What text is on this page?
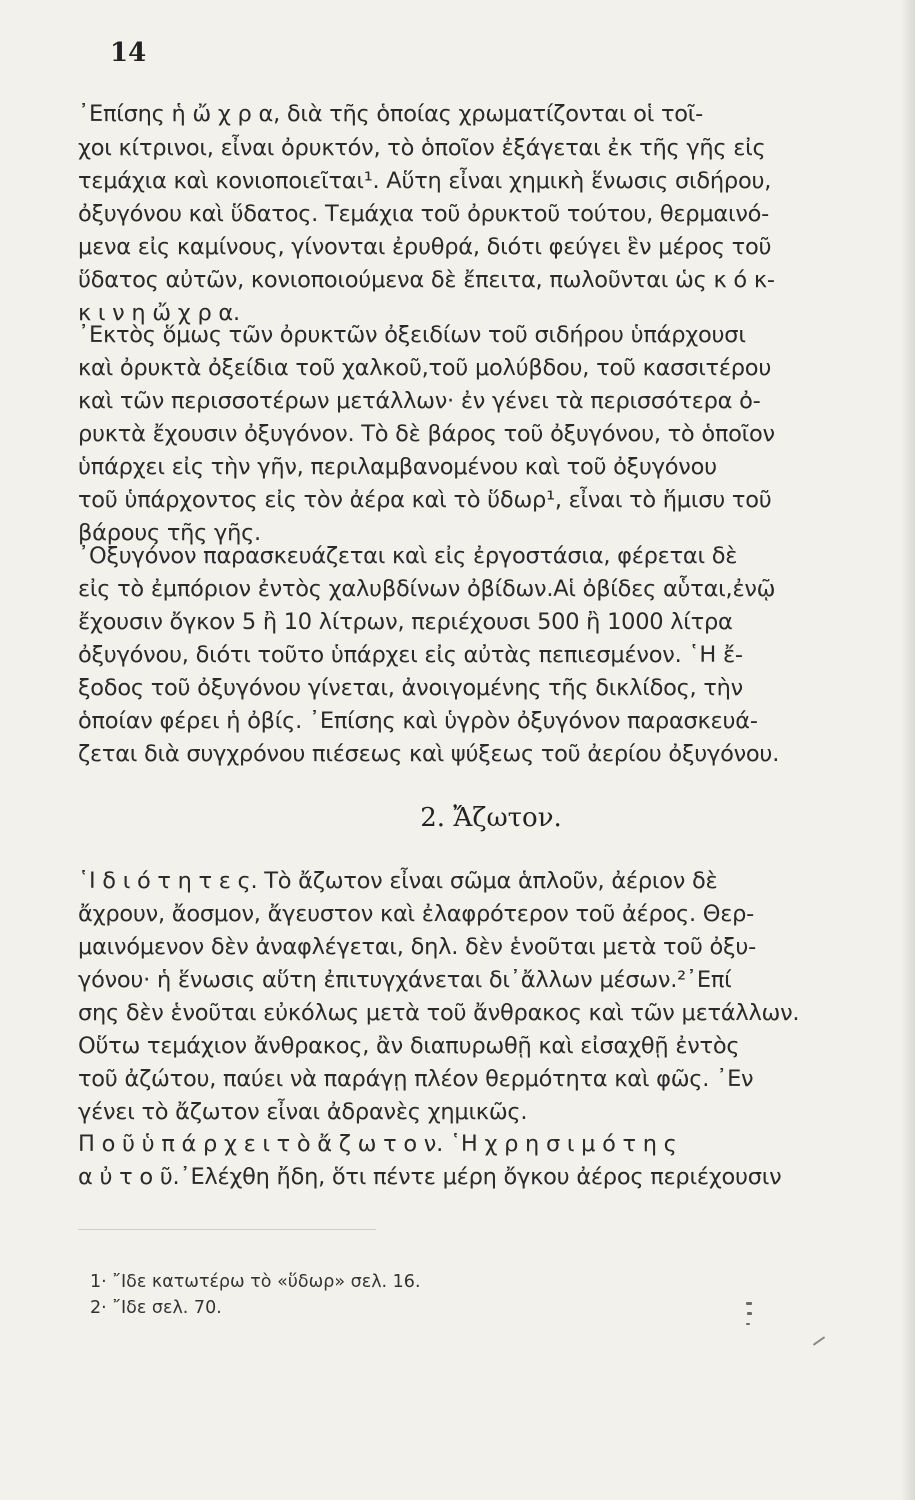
14
᾿Επίσης ἡ ὤ χ ρ α, διὰ τῆς ὁποίας χρωματίζονται οἱ τοῖ-
χοι κίτρινοι, εἶναι ὀρυκτόν, τὸ ὁποῖον ἐξάγεται ἐκ τῆς γῆς εἰς
τεμάχια καὶ κονιοποιεῖται¹. Αὕτη εἶναι χημικὴ ἕνωσις σιδήρου,
ὀξυγόνου καὶ ὕδατος. Τεμάχια τοῦ ὀρυκτοῦ τούτου, θερμαινό-
μενα εἰς καμίνους, γίνονται ἐρυθρά, διότι φεύγει ἓν μέρος τοῦ
ὕδατος αὐτῶν, κονιοποιούμενα δὲ ἔπειτα, πωλοῦνται ὡς κ ό κ-
κ ι ν η ὤ χ ρ α.
᾿Εκτὸς ὅμως τῶν ὀρυκτῶν ὀξειδίων τοῦ σιδήρου ὑπάρχουσι
καὶ ὀρυκτὰ ὀξείδια τοῦ χαλκοῦ,τοῦ μολύβδου, τοῦ κασσιτέρου
καὶ τῶν περισσοτέρων μετάλλων· ἐν γένει τὰ περισσότερα ὀ-
ρυκτὰ ἔχουσιν ὀξυγόνον. Τὸ δὲ βάρος τοῦ ὀξυγόνου, τὸ ὁποῖον
ὑπάρχει εἰς τὴν γῆν, περιλαμβανομένου καὶ τοῦ ὀξυγόνου
τοῦ ὑπάρχοντος εἰς τὸν ἀέρα καὶ τὸ ὕδωρ¹, εἶναι τὸ ἥμισυ τοῦ
βάρους τῆς γῆς.
᾿Οξυγόνον παρασκευάζεται καὶ εἰς ἐργοστάσια, φέρεται δὲ
εἰς τὸ ἐμπόριον ἐντὸς χαλυβδίνων ὀβίδων.Αἱ ὀβίδες αὗται,ἐνῷ
ἔχουσιν ὄγκον 5 ἢ 10 λίτρων, περιέχουσι 500 ἢ 1000 λίτρα
ὀξυγόνου, διότι τοῦτο ὑπάρχει εἰς αὐτὰς πεπιεσμένον. ῾Η ἔ-
ξοδος τοῦ ὀξυγόνου γίνεται, ἀνοιγομένης τῆς δικλίδος, τὴν
ὁποίαν φέρει ἡ ὀβίς. ᾿Επίσης καὶ ὑγρὸν ὀξυγόνον παρασκευά-
ζεται διὰ συγχρόνου πιέσεως καὶ ψύξεως τοῦ ἀερίου ὀξυγόνου.
2. Ἄζωτον.
῾Ι δ ι ό τ η τ ε ς. Τὸ ἄζωτον εἶναι σῶμα ἁπλοῦν, ἀέριον δὲ
ἄχρουν, ἄοσμον, ἄγευστον καὶ ἐλαφρότερον τοῦ ἀέρος. Θερ-
μαινόμενον δὲν ἀναφλέγεται, δηλ. δὲν ἑνοῦται μετὰ τοῦ ὀξυ-
γόνου· ἡ ἕνωσις αὕτη ἐπιτυγχάνεται δι᾿ἄλλων μέσων.²᾿Επί
σης δὲν ἑνοῦται εὐκόλως μετὰ τοῦ ἄνθρακος καὶ τῶν μετάλλων.
Οὕτω τεμάχιον ἄνθρακος, ἂν διαπυρωθῇ καὶ εἰσαχθῇ ἐντὸς
τοῦ ἀζώτου, παύει νὰ παράγῃ πλέον θερμότητα καὶ φῶς. ᾿Εν
γένει τὸ ἄζωτον εἶναι ἀδρανὲς χημικῶς.
Π ο ῦ ὑ π ά ρ χ ε ι τ ὸ ἄ ζ ω τ ο ν. ῾Η χ ρ η σ ι μ ό τ η ς
α ὐ τ ο ῦ.᾿Ελέχθη ἤδη, ὅτι πέντε μέρη ὄγκου ἀέρος περιέχουσιν
1· ῎Ιδε κατωτέρω τὸ «ὕδωρ» σελ. 16.
2· ῎Ιδε σελ. 70.
